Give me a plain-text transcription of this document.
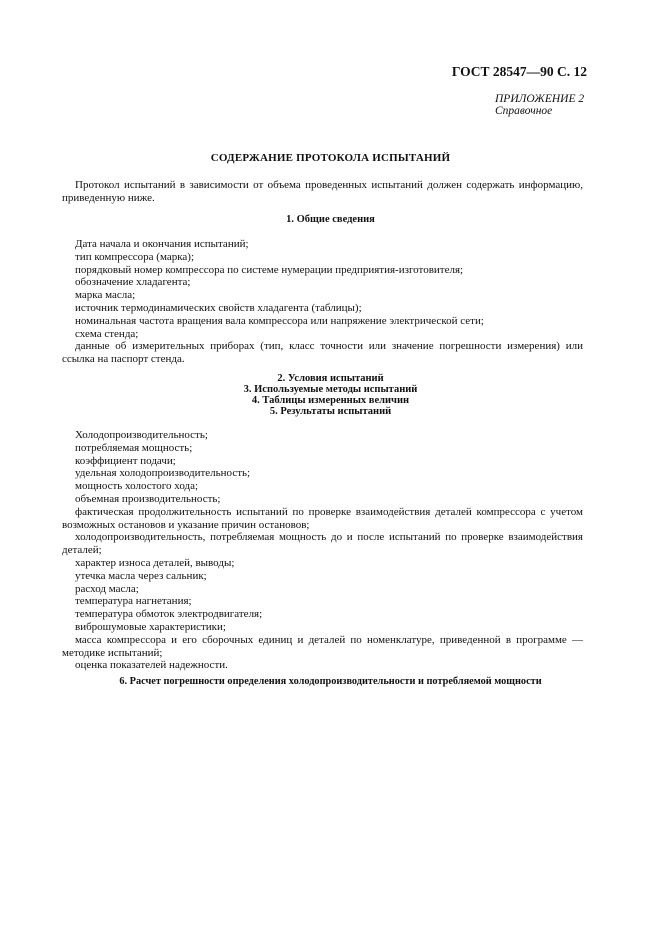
ГОСТ 28547—90 С. 12
ПРИЛОЖЕНИЕ 2
Справочное
СОДЕРЖАНИЕ ПРОТОКОЛА ИСПЫТАНИЙ

Протокол испытаний в зависимости от объема проведенных испытаний должен содержать информацию, приведенную ниже.

1. Общие сведения

Дата начала и окончания испытаний;

тип компрессора (марка);

порядковый номер компрессора по системе нумерации предприятия-изготовителя;

обозначение хладагента;

марка масла;

источник термодинамических свойств хладагента (таблицы);

номинальная частота вращения вала компрессора или напряжение электрической сети;

схема стенда;

данные об измерительных приборах (тип, класс точности или значение погрешности измерения) или ссылка на паспорт стенда.

2. Условия испытаний
3. Используемые методы испытаний
4. Таблицы измеренных величин
5. Результаты испытаний

Холодопроизводительность;

потребляемая мощность;

коэффициент подачи;

удельная холодопроизводительность;

мощность холостого хода;

объемная производительность;

фактическая продолжительность испытаний по проверке взаимодействия деталей компрессора с учетом возможных остановов и указание причин остановов;

холодопроизводительность, потребляемая мощность до и после испытаний по проверке взаимодействия деталей;

характер износа деталей, выводы;

утечка масла через сальник;

расход масла;

температура нагнетания;

температура обмоток электродвигателя;

виброшумовые характеристики;

масса компрессора и его сборочных единиц и деталей по номенклатуре, приведенной в программе — методике испытаний;

оценка показателей надежности.

6. Расчет погрешности определения холодопроизводительности и потребляемой мощности
